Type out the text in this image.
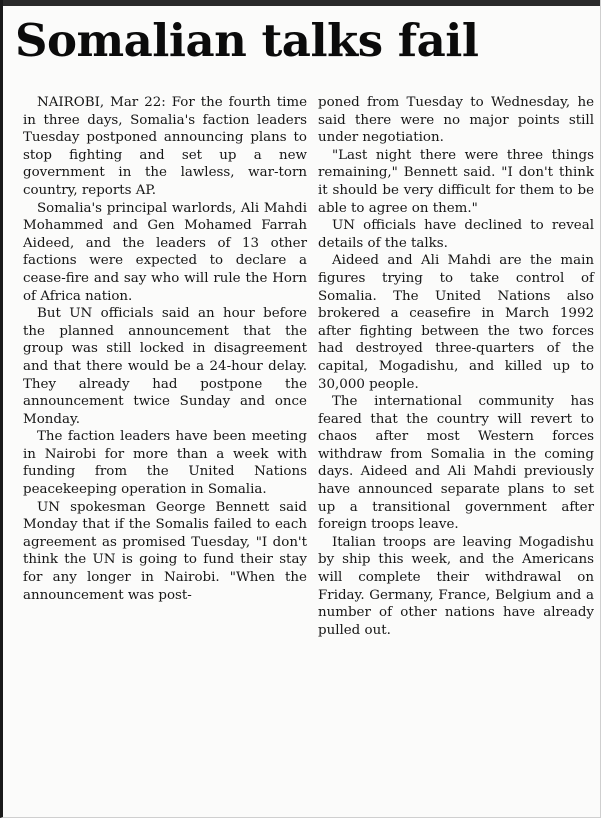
Somalian talks fail

NAIROBI, Mar 22: For the fourth time in three days, Somalia's faction leaders Tuesday postponed announcing plans to stop fighting and set up a new government in the lawless, war-torn country, reports AP.

Somalia's principal warlords, Ali Mahdi Mohammed and Gen Mohamed Farrah Aideed, and the leaders of 13 other factions were expected to declare a cease-fire and say who will rule the Horn of Africa nation.

But UN officials said an hour before the planned announcement that the group was still locked in disagreement and that there would be a 24-hour delay. They already had postpone the announcement twice Sunday and once Monday.

The faction leaders have been meeting in Nairobi for more than a week with funding from the United Nations peacekeeping operation in Somalia.

UN spokesman George Bennett said Monday that if the Somalis failed to each agreement as promised Tuesday, "I don't think the UN is going to fund their stay for any longer in Nairobi. "When the announcement was post-

poned from Tuesday to Wednesday, he said there were no major points still under negotiation.

"Last night there were three things remaining," Bennett said. "I don't think it should be very difficult for them to be able to agree on them."

UN officials have declined to reveal details of the talks.

Aideed and Ali Mahdi are the main figures trying to take control of Somalia. The United Nations also brokered a ceasefire in March 1992 after fighting between the two forces had destroyed three-quarters of the capital, Mogadishu, and killed up to 30,000 people.

The international community has feared that the country will revert to chaos after most Western forces withdraw from Somalia in the coming days. Aideed and Ali Mahdi previously have announced separate plans to set up a transitional government after foreign troops leave.

Italian troops are leaving Mogadishu by ship this week, and the Americans will complete their withdrawal on Friday. Germany, France, Belgium and a number of other nations have already pulled out.
